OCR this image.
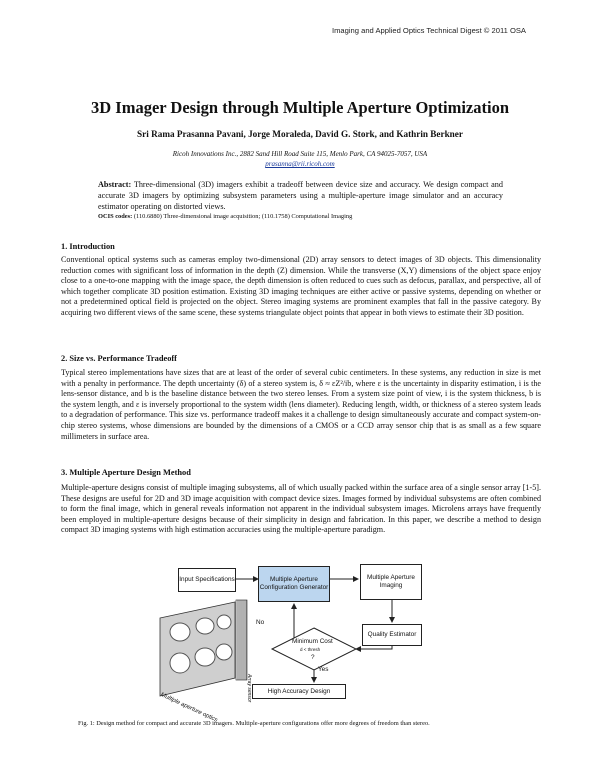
Imaging and Applied Optics Technical Digest © 2011 OSA
3D Imager Design through Multiple Aperture Optimization
Sri Rama Prasanna Pavani, Jorge Moraleda, David G. Stork, and Kathrin Berkner
Ricoh Innovations Inc., 2882 Sand Hill Road Suite 115, Menlo Park, CA 94025-7057, USA
prasanna@rii.ricoh.com
Abstract: Three-dimensional (3D) imagers exhibit a tradeoff between device size and accuracy. We design compact and accurate 3D imagers by optimizing subsystem parameters using a multiple-aperture image simulator and an accuracy estimator operating on distorted views.
OCIS codes: (110.6880) Three-dimensional image acquisition; (110.1758) Computational Imaging
1. Introduction
Conventional optical systems such as cameras employ two-dimensional (2D) array sensors to detect images of 3D objects. This dimensionality reduction comes with significant loss of information in the depth (Z) dimension. While the transverse (X,Y) dimensions of the object space enjoy close to a one-to-one mapping with the image space, the depth dimension is often reduced to cues such as defocus, parallax, and perspective, all of which together complicate 3D position estimation. Existing 3D imaging techniques are either active or passive systems, depending on whether or not a predetermined optical field is projected on the object. Stereo imaging systems are prominent examples that fall in the passive category. By acquiring two different views of the same scene, these systems triangulate object points that appear in both views to estimate their 3D position.
2. Size vs. Performance Tradeoff
Typical stereo implementations have sizes that are at least of the order of several cubic centimeters. In these systems, any reduction in size is met with a penalty in performance. The depth uncertainty (δ) of a stereo system is, δ ≈ εZ²/ib, where ε is the uncertainty in disparity estimation, i is the lens-sensor distance, and b is the baseline distance between the two stereo lenses. From a system size point of view, i is the system thickness, b is the system length, and ε is inversely proportional to the system width (lens diameter). Reducing length, width, or thickness of a stereo system leads to a degradation of performance. This size vs. performance tradeoff makes it a challenge to design simultaneously accurate and compact system-on-chip stereo systems, whose dimensions are bounded by the dimensions of a CMOS or a CCD array sensor chip that is as small as a few square millimeters in surface area.
3. Multiple Aperture Design Method
Multiple-aperture designs consist of multiple imaging subsystems, all of which usually packed within the surface area of a single sensor array [1-5]. These designs are useful for 2D and 3D image acquisition with compact device sizes. Images formed by individual subsystems are often combined to form the final image, which in general reveals information not apparent in the individual subsystem images. Microlens arrays have frequently been employed in multiple-aperture designs because of their simplicity in design and fabrication. In this paper, we describe a method to design compact 3D imaging systems with high estimation accuracies using the multiple-aperture paradigm.
Input Specifications	Multiple Aperture Configuration Generator
Multiple Aperture Imaging
Quality Estimator
High Accuracy Design
Minimum Cost
d < thresh
?
No
Yes
Multiple aperture optics
Array sensor
Fig. 1: Design method for compact and accurate 3D imagers. Multiple-aperture configurations offer more degrees of freedom than stereo.
